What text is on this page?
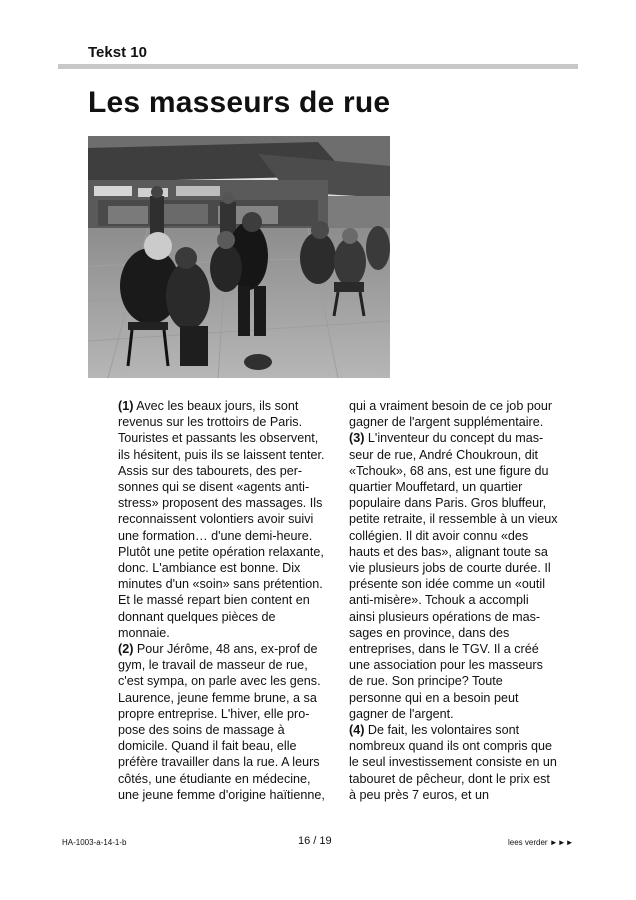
Tekst 10
Les masseurs de rue
(1) Avec les beaux jours, ils sont
revenus sur les trottoirs de Paris.
Touristes et passants les observent,
ils hésitent, puis ils se laissent tenter.
Assis sur des tabourets, des per-
sonnes qui se disent «agents anti-
stress» proposent des massages. Ils
reconnaissent volontiers avoir suivi
une formation… d'une demi-heure.
Plutôt une petite opération relaxante,
donc. L'ambiance est bonne. Dix
minutes d'un «soin» sans prétention.
Et le massé repart bien content en
donnant quelques pièces de
monnaie.
(2) Pour Jérôme, 48 ans, ex-prof de
gym, le travail de masseur de rue,
c'est sympa, on parle avec les gens.
Laurence, jeune femme brune, a sa
propre entreprise. L'hiver, elle pro-
pose des soins de massage à
domicile. Quand il fait beau, elle
préfère travailler dans la rue. A leurs
côtés, une étudiante en médecine,
une jeune femme d'origine haïtienne,
qui a vraiment besoin de ce job pour
gagner de l'argent supplémentaire.
(3) L'inventeur du concept du mas-
seur de rue, André Choukroun, dit
«Tchouk», 68 ans, est une figure du
quartier Mouffetard, un quartier
populaire dans Paris. Gros bluffeur,
petite retraite, il ressemble à un vieux
collégien. Il dit avoir connu «des
hauts et des bas», alignant toute sa
vie plusieurs jobs de courte durée. Il
présente son idée comme un «outil
anti-misère». Tchouk a accompli
ainsi plusieurs opérations de mas-
sages en province, dans des
entreprises, dans le TGV. Il a créé
une association pour les masseurs
de rue. Son principe? Toute
personne qui en a besoin peut
gagner de l'argent.
(4) De fait, les volontaires sont
nombreux quand ils ont compris que
le seul investissement consiste en un
tabouret de pêcheur, dont le prix est
à peu près 7 euros, et un
HA-1003-a-14-1-b	16 / 19	lees verder ►►►
